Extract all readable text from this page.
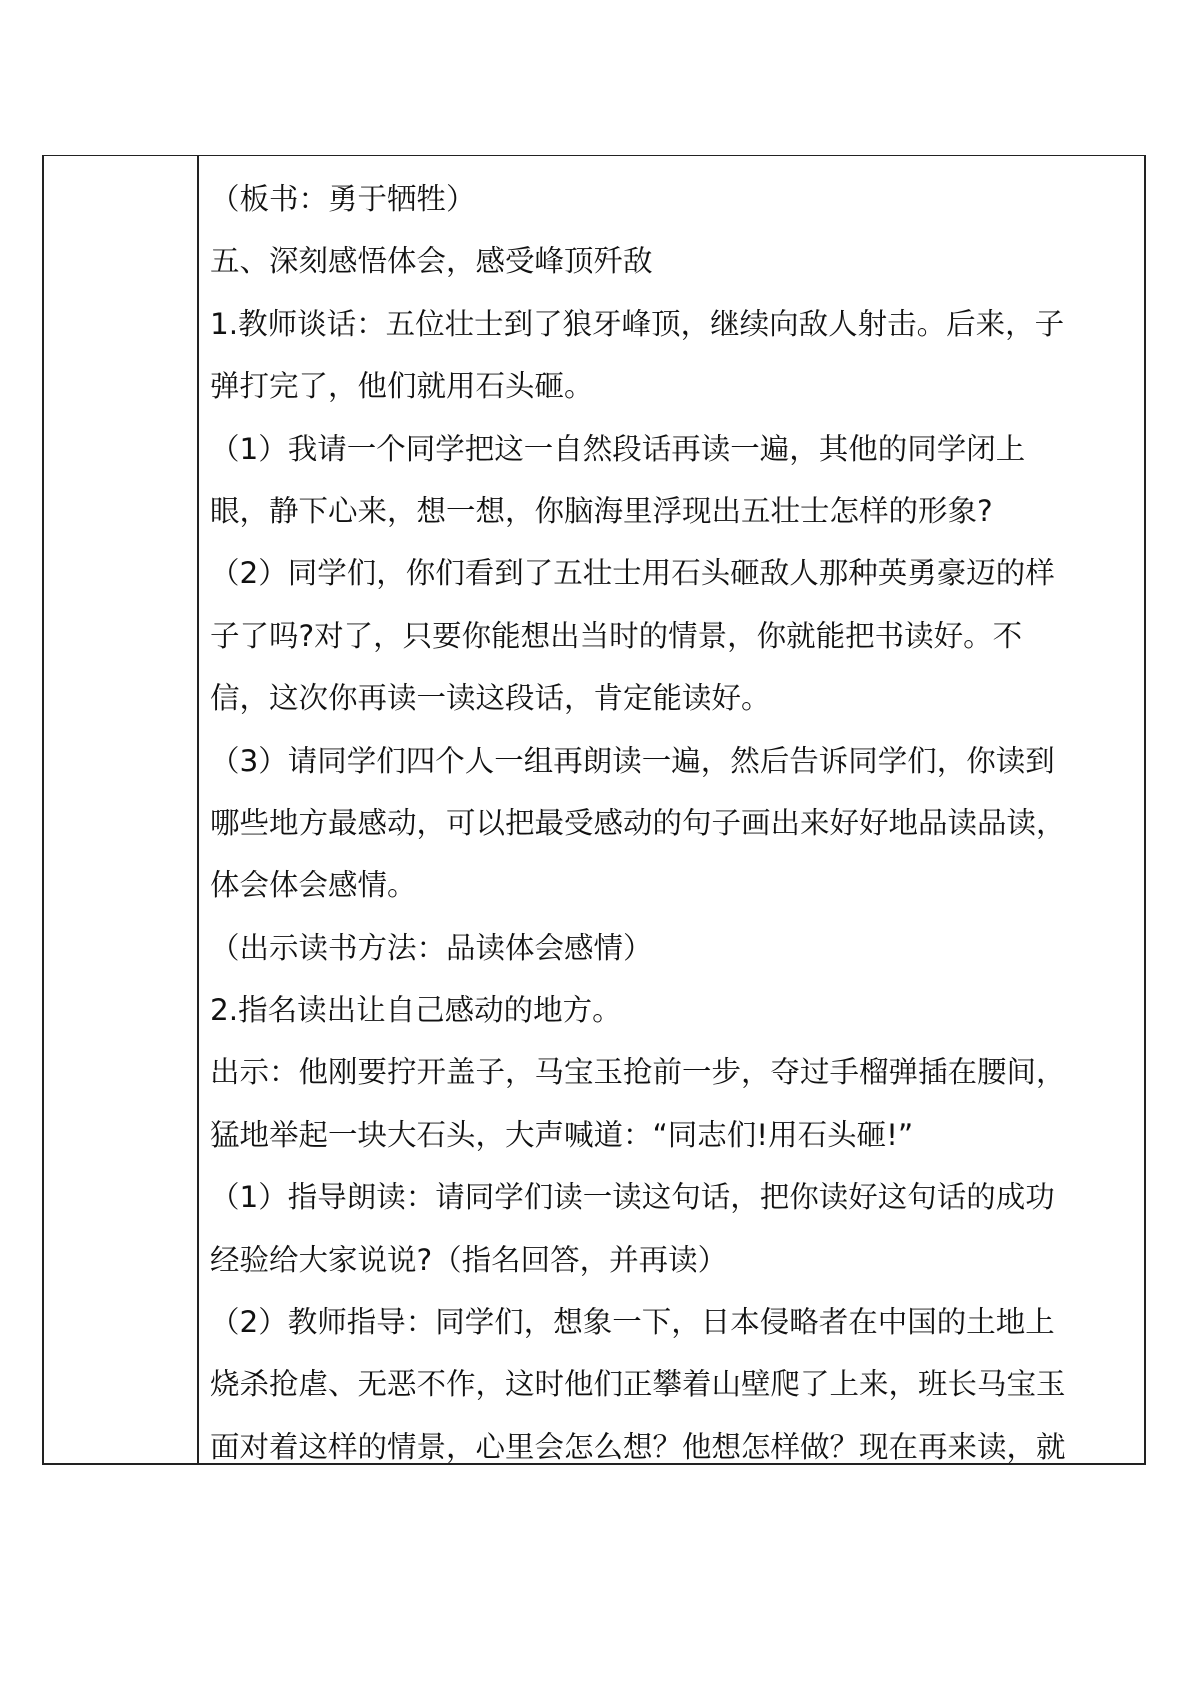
（板书：勇于牺牲）
五、深刻感悟体会，感受峰顶歼敌
1.教师谈话：五位壮士到了狼牙峰顶，继续向敌人射击。后来，子
弹打完了，他们就用石头砸。
（1）我请一个同学把这一自然段话再读一遍，其他的同学闭上
眼，静下心来，想一想，你脑海里浮现出五壮士怎样的形象?
（2）同学们，你们看到了五壮士用石头砸敌人那种英勇豪迈的样
子了吗?对了，只要你能想出当时的情景，你就能把书读好。不
信，这次你再读一读这段话，肯定能读好。
（3）请同学们四个人一组再朗读一遍，然后告诉同学们，你读到
哪些地方最感动，可以把最受感动的句子画出来好好地品读品读，
体会体会感情。
（出示读书方法：品读体会感情）
2.指名读出让自己感动的地方。
出示：他刚要拧开盖子，马宝玉抢前一步，夺过手榴弹插在腰间，
猛地举起一块大石头，大声喊道：“同志们!用石头砸!”
（1）指导朗读：请同学们读一读这句话，把你读好这句话的成功
经验给大家说说?（指名回答，并再读）
（2）教师指导：同学们，想象一下，日本侵略者在中国的土地上
烧杀抢虐、无恶不作，这时他们正攀着山壁爬了上来，班长马宝玉
面对着这样的情景，心里会怎么想？他想怎样做？现在再来读，就
